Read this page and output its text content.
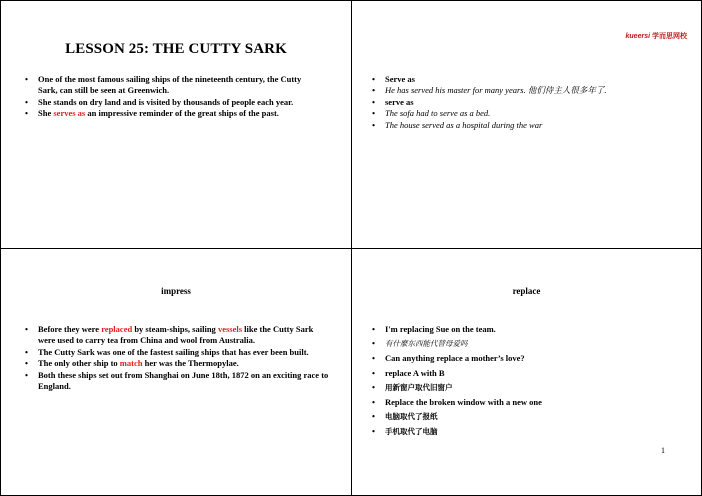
LESSON 25: THE CUTTY SARK
• One of the most famous sailing ships of the nineteenth century, the Cutty Sark, can still be seen at Greenwich.
• She stands on dry land and is visited by thousands of people each year.
• She serves as an impressive reminder of the great ships of the past.
kueersi 学而思网校
• Serve as
• He has served his master for many years. 他们侍主人很多年了.
• serve as
• The sofa had to serve as a bed.
• The house served as a hospital during the war
impress
• Before they were replaced by steam-ships, sailing vessels like the Cutty Sark were used to carry tea from China and wool from Australia.
• The Cutty Sark was one of the fastest sailing ships that has ever been built.
• The only other ship to match her was the Thermopylae.
• Both these ships set out from Shanghai on June 18th, 1872 on an exciting race to England.
replace
• I'm replacing Sue on the team.
• 有什麼东西能代替母爱吗
• Can anything replace a mother’s love?
• replace A with B
• 用新窗户取代旧窗户
• Replace the broken window with a new one
• 电脑取代了报纸
• 手机取代了电脑
1
